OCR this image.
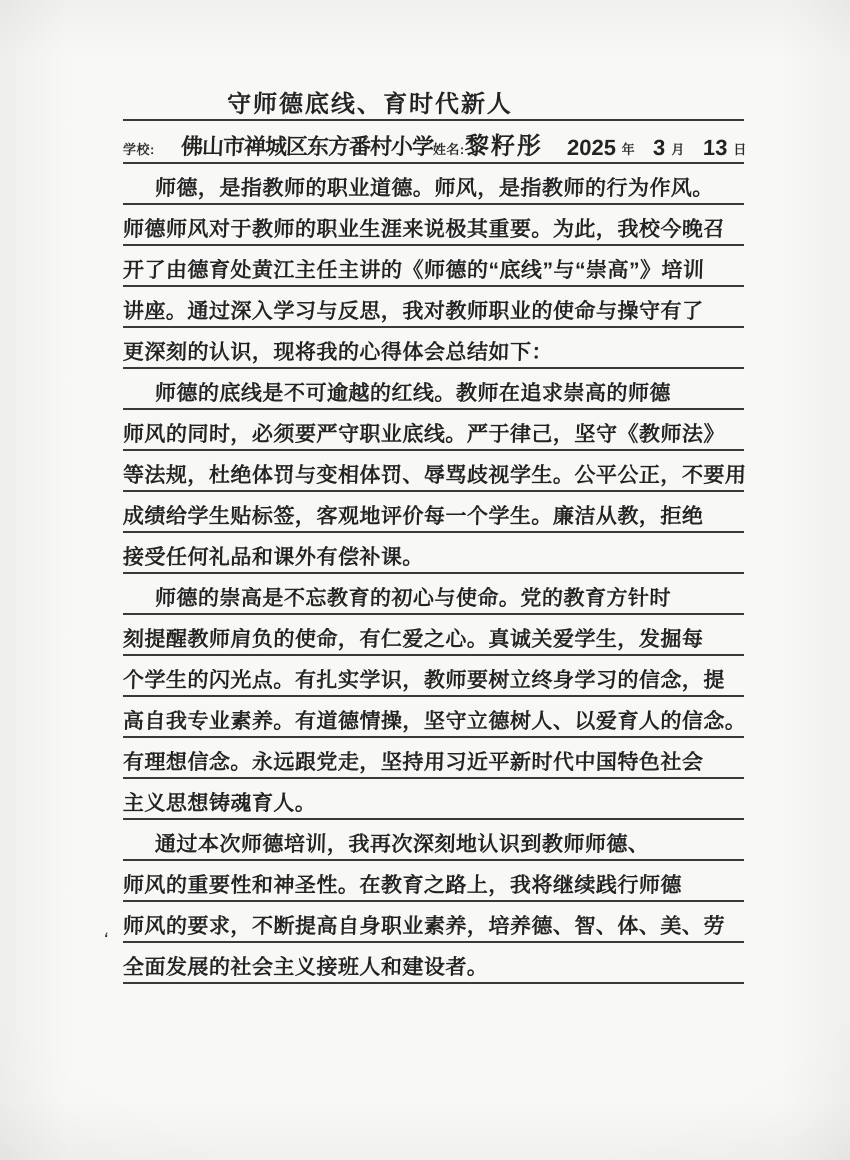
ʻ
守师德底线、育时代新人
学校: 佛山市禅城区东方番村小学 姓名: 黎籽彤 2025 年 3 月 13 日
师德，是指教师的职业道德。师风，是指教师的行为作风。
师德师风对于教师的职业生涯来说极其重要。为此，我校今晚召
开了由德育处黄江主任主讲的《师德的“底线”与“崇高”》培训
讲座。通过深入学习与反思，我对教师职业的使命与操守有了
更深刻的认识，现将我的心得体会总结如下：
师德的底线是不可逾越的红线。教师在追求崇高的师德
师风的同时，必须要严守职业底线。严于律己，坚守《教师法》
等法规，杜绝体罚与变相体罚、辱骂歧视学生。公平公正，不要用
成绩给学生贴标签，客观地评价每一个学生。廉洁从教，拒绝
接受任何礼品和课外有偿补课。
师德的崇高是不忘教育的初心与使命。党的教育方针时
刻提醒教师肩负的使命，有仁爱之心。真诚关爱学生，发掘每
个学生的闪光点。有扎实学识，教师要树立终身学习的信念，提
高自我专业素养。有道德情操，坚守立德树人、以爱育人的信念。
有理想信念。永远跟党走，坚持用习近平新时代中国特色社会
主义思想铸魂育人。
通过本次师德培训，我再次深刻地认识到教师师德、
师风的重要性和神圣性。在教育之路上，我将继续践行师德
师风的要求，不断提高自身职业素养，培养德、智、体、美、劳
全面发展的社会主义接班人和建设者。
